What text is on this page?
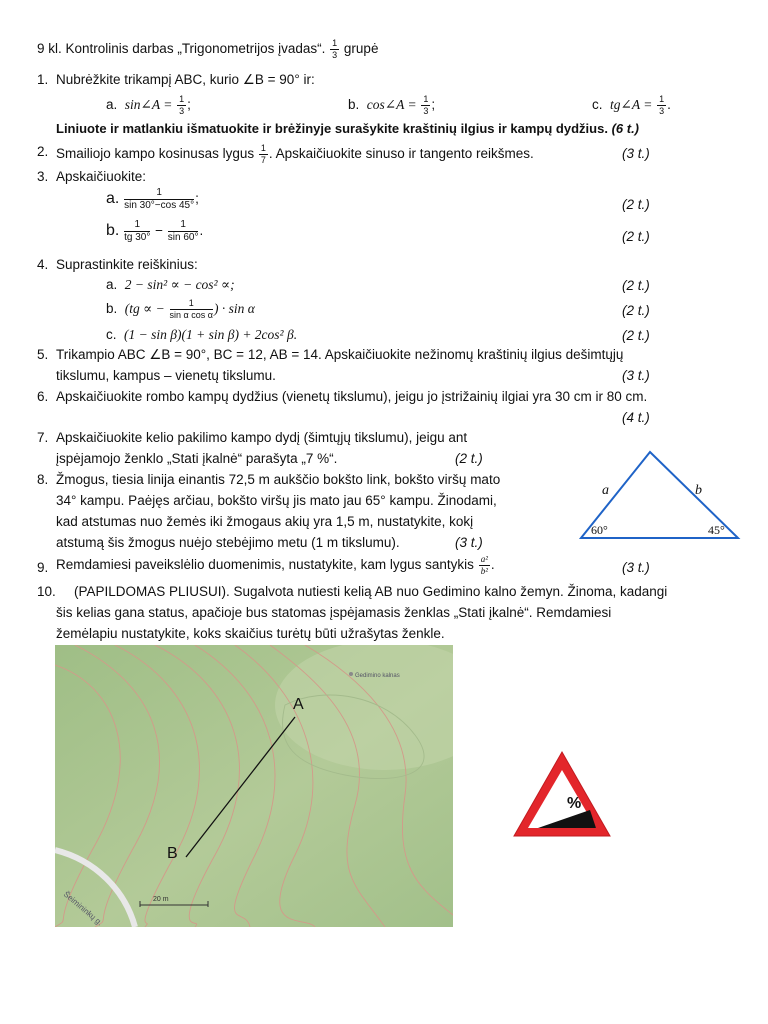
9 kl. Kontrolinis darbas „Trigonometrijos įvadas“. $\frac{1}{3}$ grupė
1. Nubrėžkite trikampį ABC, kurio ∠B = 90° ir:
a. sin∠A = $\frac{1}{3}$ ;	b. cos∠A = $\frac{1}{3}$ ;	c. tg∠A = $\frac{1}{3}$ .
Liniuote ir matlankiu išmatuokite ir brėžinyje surašykite kraštinių ilgius ir kampų dydžius. (6 t.)
2. Smailiojo kampo kosinusas lygus $\frac{1}{7}$ . Apskaičiuokite sinuso ir tangento reikšmes.	(3 t.)
3. Apskaičiuokite:
a. $\frac{1}{\sin 30^\circ-\cos 45^\circ}$ ;	(2 t.)
b. $\frac{1}{tg 30^\circ} - \frac{1}{\sin 60^\circ}$ .	(2 t.)
4. Suprastinkite reiškinius:
a. 2 − sin² ∝ − cos² ∝;	(2 t.)
b. (tg ∝ − $\frac{1}{\text{sin α cos α}}$ ) · sin α	(2 t.)
c. (1 − sin β)(1 + sin β) + 2cos² β.	(2 t.)
5. Trikampio ABC ∠B = 90°, BC = 12, AB = 14. Apskaičiuokite nežinomų kraštinių ilgius dešimtųjų
tikslumu, kampus – vienetų tikslumu.	(3 t.)
6. Apskaičiuokite rombo kampų dydžius (vienetų tikslumu), jeigu jo įstrižainių ilgiai yra 30 cm ir 80 cm.
(4 t.)
7. Apskaičiuokite kelio pakilimo kampo dydį (šimtųjų tikslumu), jeigu ant
įspėjamojo ženklo „Stati įkalnė“ parašyta „7 %“.	(2 t.)
8. Žmogus, tiesia linija einantis 72,5 m aukščio bokšto link, bokšto viršų mato
34° kampu. Paėjęs arčiau, bokšto viršų jis mato jau 65° kampu. Žinodami,
kad atstumas nuo žemės iki žmogaus akių yra 1,5 m, nustatykite, kokį
atstumą šis žmogus nuėjo stebėjimo metu (1 m tikslumu).	(3 t.)
a	b
60°	45°
9. Remdamiesi paveikslėlio duomenimis, nustatykite, kam lygus santykis $\frac{\text{a²}}{\text{b²}}$ .	(3 t.)
10. (PAPILDOMAS PLIUSUI). Sugalvota nutiesti kelią AB nuo Gedimino kalno žemyn. Žinoma, kadangi
šis kelias gana status, apačioje bus statomas įspėjamasis ženklas „Stati įkalnė“. Remdamiesi
žemėlapiu nustatykite, koks skaičius turėtų būti užrašytas ženkle.
Šeimininkų g.
Gedimino kalnas
A
B
20 m
%
